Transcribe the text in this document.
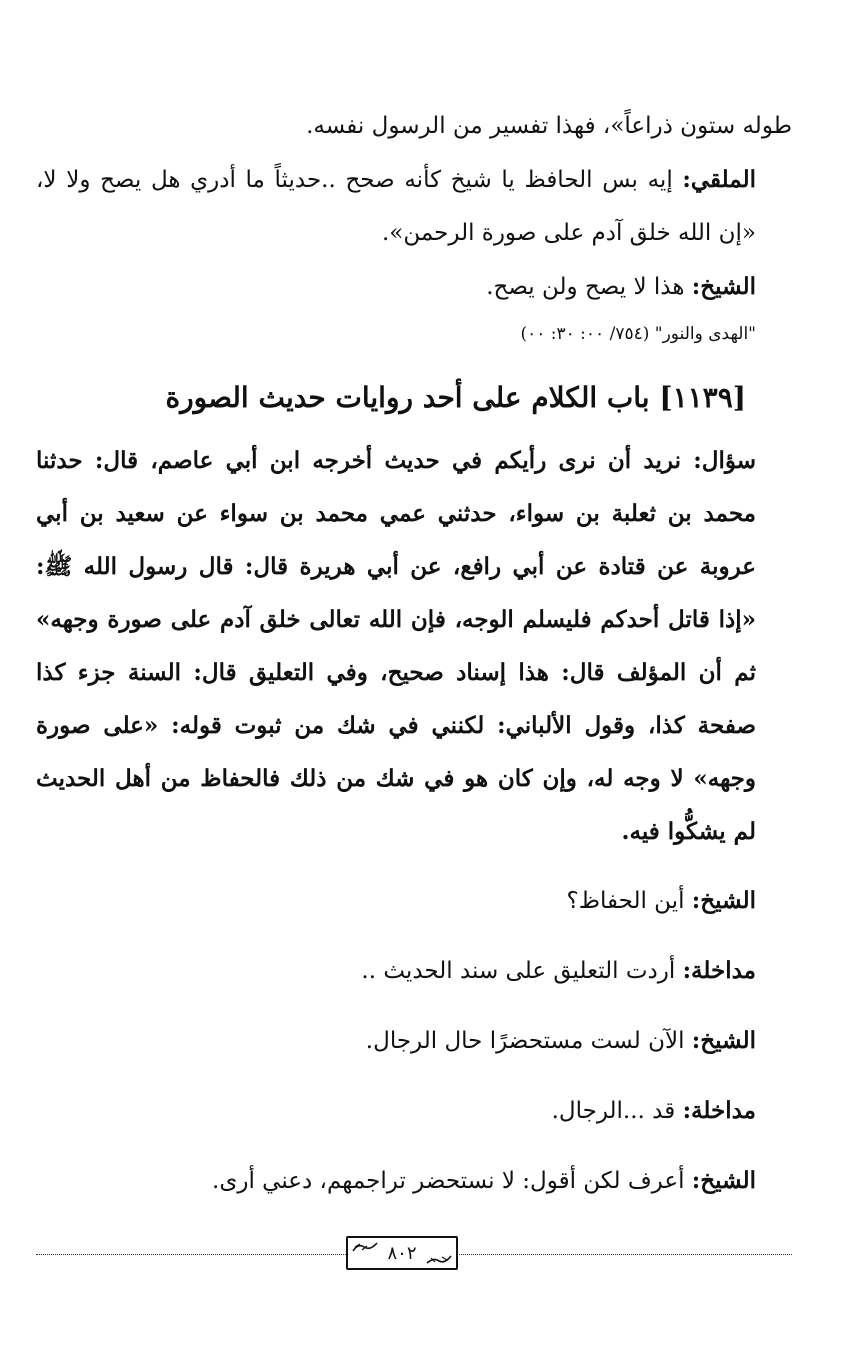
طوله ستون ذراعاً»، فهذا تفسير من الرسول نفسه.

الملقي: إيه بس الحافظ يا شيخ كأنه صحح ..حديثاً ما أدري هل يصح ولا لا، «إن الله خلق آدم على صورة الرحمن».

الشيخ: هذا لا يصح ولن يصح.

"الهدى والنور" (٧٥٤/ ٠٠: ٣٠: ٠٠)

[١١٣٩] باب الكلام على أحد روايات حديث الصورة

سؤال: نريد أن نرى رأيكم في حديث أخرجه ابن أبي عاصم، قال: حدثنا محمد بن ثعلبة بن سواء، حدثني عمي محمد بن سواء عن سعيد بن أبي عروبة عن قتادة عن أبي رافع، عن أبي هريرة قال: قال رسول الله ﷺ: «إذا قاتل أحدكم فليسلم الوجه، فإن الله تعالى خلق آدم على صورة وجهه» ثم أن المؤلف قال: هذا إسناد صحيح، وفي التعليق قال: السنة جزء كذا صفحة كذا، وقول الألباني: لكنني في شك من ثبوت قوله: «على صورة وجهه» لا وجه له، وإن كان هو في شك من ذلك فالحفاظ من أهل الحديث لم يشكُّوا فيه.

الشيخ: أين الحفاظ؟

مداخلة: أردت التعليق على سند الحديث ..

الشيخ: الآن لست مستحضرًا حال الرجال.

مداخلة: قد ...الرجال.

الشيخ: أعرف لكن أقول: لا نستحضر تراجمهم، دعني أرى.

٨٠٢
